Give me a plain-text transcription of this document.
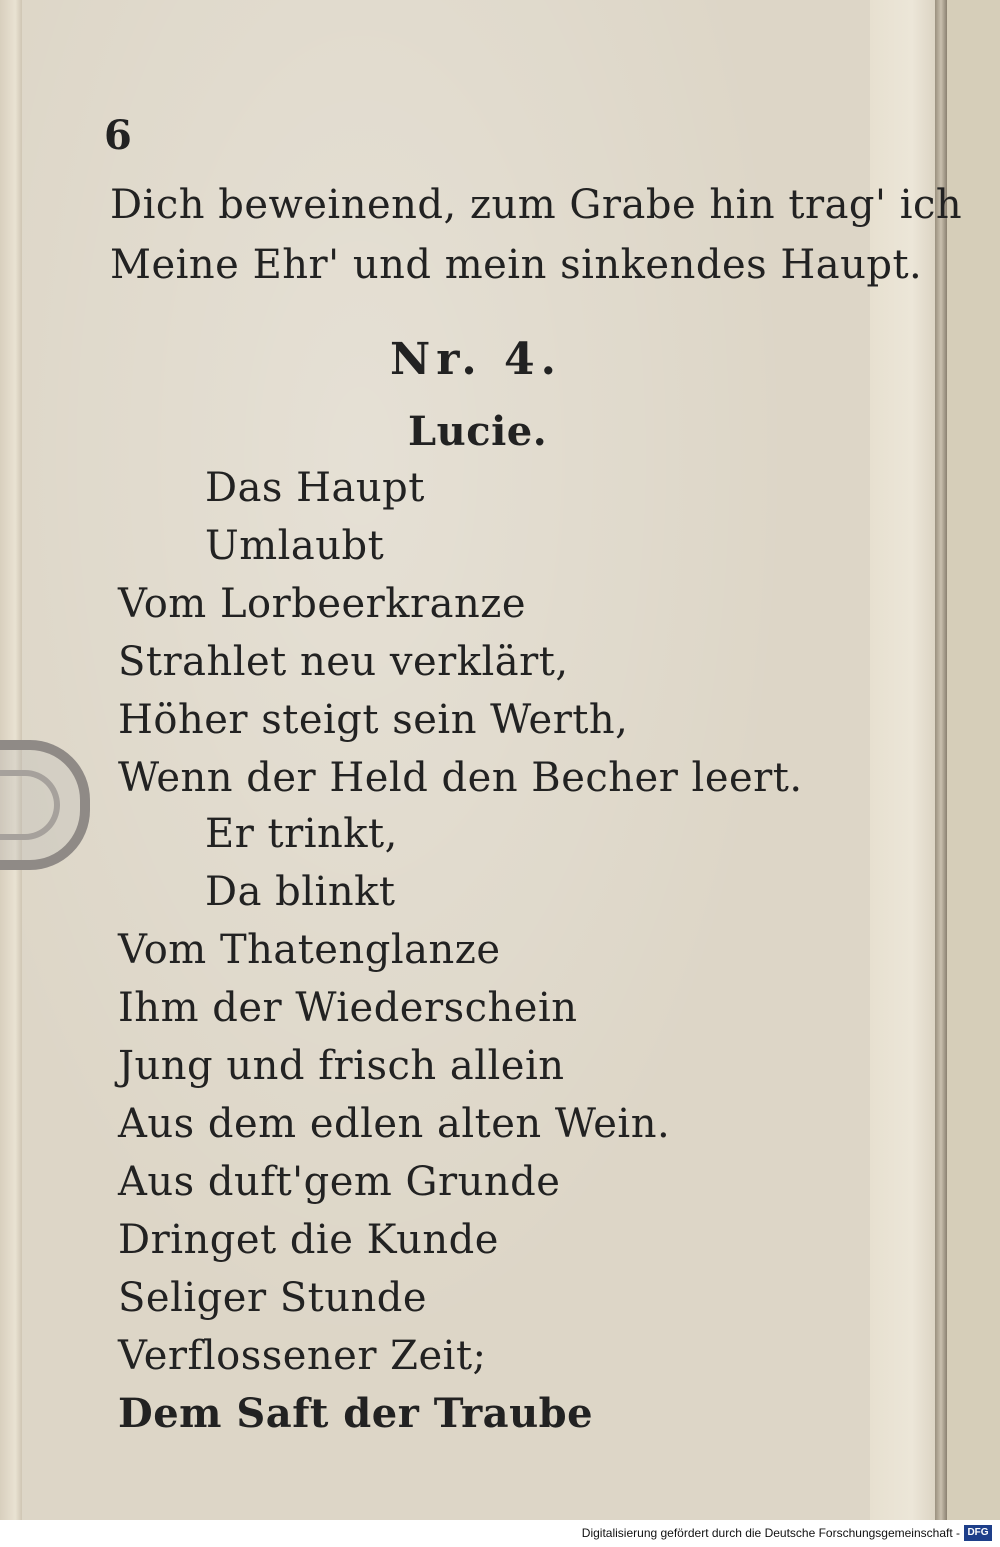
6
Dich beweinend, zum Grabe hin trag' ich
Meine Ehr' und mein sinkendes Haupt.
Nr. 4.
Lucie.
Das Haupt
Umlaubt
Vom Lorbeerkranze
Strahlet neu verklärt,
Höher steigt sein Werth,
Wenn der Held den Becher leert.
Er trinkt,
Da blinkt
Vom Thatenglanze
Ihm der Wiederschein
Jung und frisch allein
Aus dem edlen alten Wein.
Aus duft'gem Grunde
Dringet die Kunde
Seliger Stunde
Verflossener Zeit;
Dem Saft der Traube
Digitalisierung gefördert durch die Deutsche Forschungsgemeinschaft - DFG
